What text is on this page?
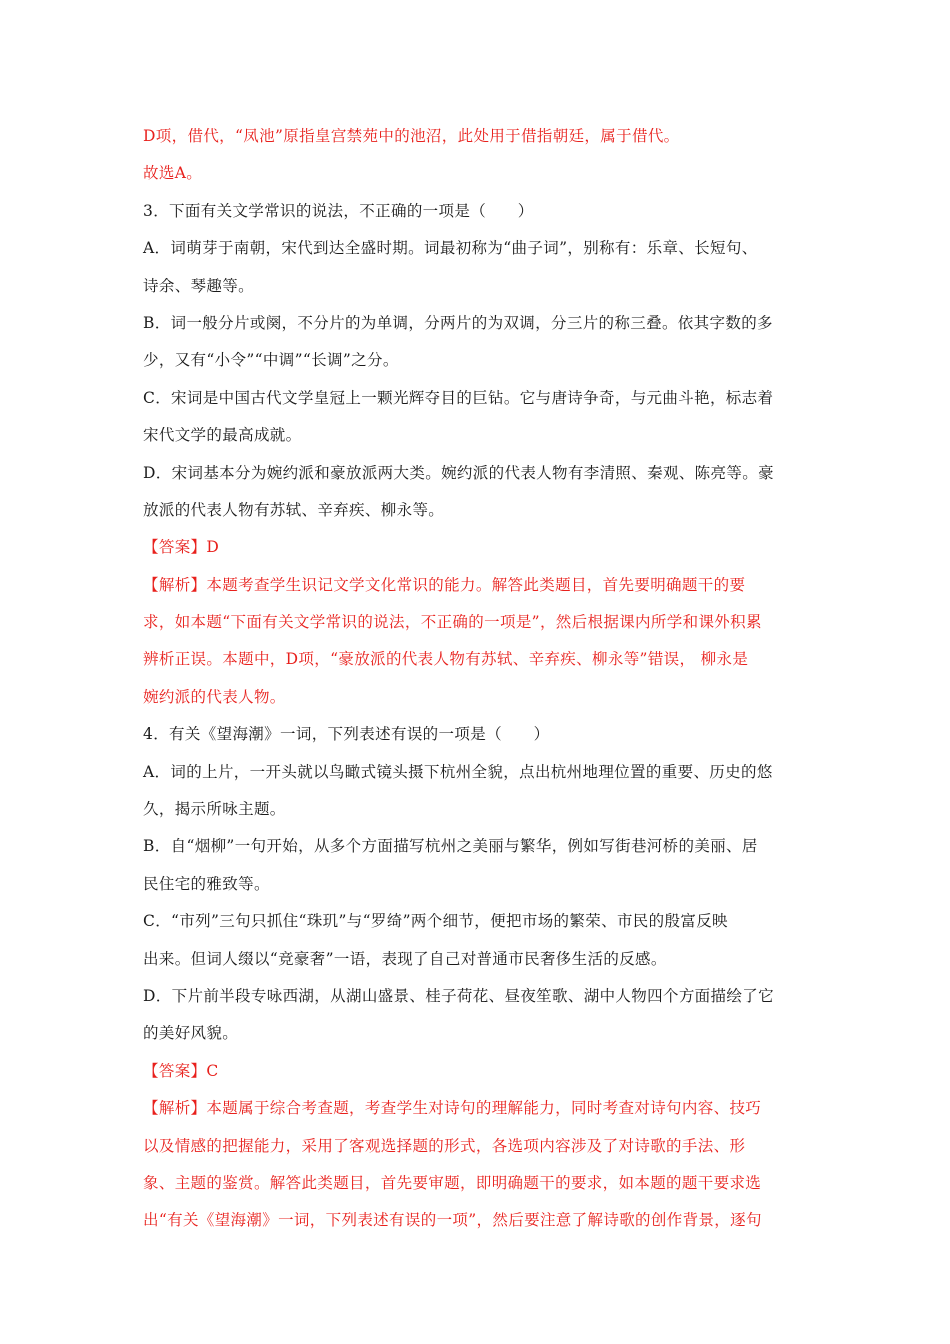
D项，借代，“凤池”原指皇宫禁苑中的池沼，此处用于借指朝廷，属于借代。
故选A。
3．下面有关文学常识的说法，不正确的一项是（　　）
A．词萌芽于南朝，宋代到达全盛时期。词最初称为“曲子词”，别称有：乐章、长短句、
诗余、琴趣等。
B．词一般分片或阕，不分片的为单调，分两片的为双调，分三片的称三叠。依其字数的多
少，又有“小令”“中调”“长调”之分。
C．宋词是中国古代文学皇冠上一颗光辉夺目的巨钻。它与唐诗争奇，与元曲斗艳，标志着
宋代文学的最高成就。
D．宋词基本分为婉约派和豪放派两大类。婉约派的代表人物有李清照、秦观、陈亮等。豪
放派的代表人物有苏轼、辛弃疾、柳永等。
【答案】D
【解析】本题考查学生识记文学文化常识的能力。解答此类题目，首先要明确题干的要
求，如本题“下面有关文学常识的说法，不正确的一项是”，然后根据课内所学和课外积累
辨析正误。本题中，D项，“豪放派的代表人物有苏轼、辛弃疾、柳永等”错误， 柳永是
婉约派的代表人物。
4．有关《望海潮》一词，下列表述有误的一项是（　　）
A．词的上片，一开头就以鸟瞰式镜头摄下杭州全貌，点出杭州地理位置的重要、历史的悠
久，揭示所咏主题。
B．自“烟柳”一句开始，从多个方面描写杭州之美丽与繁华，例如写街巷河桥的美丽、居
民住宅的雅致等。
C．“市列”三句只抓住“珠玑”与“罗绮”两个细节，便把市场的繁荣、市民的殷富反映
出来。但词人缀以“竞豪奢”一语，表现了自己对普通市民奢侈生活的反感。
D．下片前半段专咏西湖，从湖山盛景、桂子荷花、昼夜笙歌、湖中人物四个方面描绘了它
的美好风貌。
【答案】C
【解析】本题属于综合考查题，考查学生对诗句的理解能力，同时考查对诗句内容、技巧
以及情感的把握能力，采用了客观选择题的形式，各选项内容涉及了对诗歌的手法、形
象、主题的鉴赏。解答此类题目，首先要审题，即明确题干的要求，如本题的题干要求选
出“有关《望海潮》一词，下列表述有误的一项”，然后要注意了解诗歌的创作背景，逐句
